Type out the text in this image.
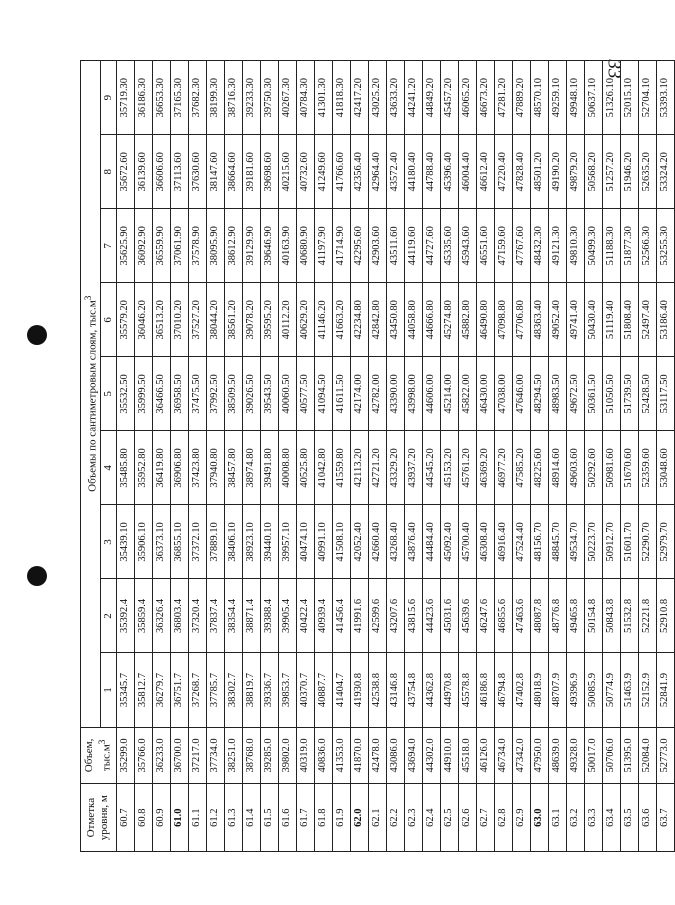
33
Отметка уровня, м	Объем, $тыс.м^3$	Объемы по сантиметровым слоям, $тыс.м^3$
		1	2	3	4	5	6	7	8	9
60.7	35299.0	35345.7	35392.4	35439.10	35485.80	35532.50	35579.20	35625.90	35672.60	35719.30
60.8	35766.0	35812.7	35859.4	35906.10	35952.80	35999.50	36046.20	36092.90	36139.60	36186.30
60.9	36233.0	36279.7	36326.4	36373.10	36419.80	36466.50	36513.20	36559.90	36606.60	36653.30
61.0	36700.0	36751.7	36803.4	36855.10	36906.80	36958.50	37010.20	37061.90	37113.60	37165.30
61.1	37217.0	37268.7	37320.4	37372.10	37423.80	37475.50	37527.20	37578.90	37630.60	37682.30
61.2	37734.0	37785.7	37837.4	37889.10	37940.80	37992.50	38044.20	38095.90	38147.60	38199.30
61.3	38251.0	38302.7	38354.4	38406.10	38457.80	38509.50	38561.20	38612.90	38664.60	38716.30
61.4	38768.0	38819.7	38871.4	38923.10	38974.80	39026.50	39078.20	39129.90	39181.60	39233.30
61.5	39285.0	39336.7	39388.4	39440.10	39491.80	39543.50	39595.20	39646.90	39698.60	39750.30
61.6	39802.0	39853.7	39905.4	39957.10	40008.80	40060.50	40112.20	40163.90	40215.60	40267.30
61.7	40319.0	40370.7	40422.4	40474.10	40525.80	40577.50	40629.20	40680.90	40732.60	40784.30
61.8	40836.0	40887.7	40939.4	40991.10	41042.80	41094.50	41146.20	41197.90	41249.60	41301.30
61.9	41353.0	41404.7	41456.4	41508.10	41559.80	41611.50	41663.20	41714.90	41766.60	41818.30
62.0	41870.0	41930.8	41991.6	42052.40	42113.20	42174.00	42234.80	42295.60	42356.40	42417.20
62.1	42478.0	42538.8	42599.6	42660.40	42721.20	42782.00	42842.80	42903.60	42964.40	43025.20
62.2	43086.0	43146.8	43207.6	43268.40	43329.20	43390.00	43450.80	43511.60	43572.40	43633.20
62.3	43694.0	43754.8	43815.6	43876.40	43937.20	43998.00	44058.80	44119.60	44180.40	44241.20
62.4	44302.0	44362.8	44423.6	44484.40	44545.20	44606.00	44666.80	44727.60	44788.40	44849.20
62.5	44910.0	44970.8	45031.6	45092.40	45153.20	45214.00	45274.80	45335.60	45396.40	45457.20
62.6	45518.0	45578.8	45639.6	45700.40	45761.20	45822.00	45882.80	45943.60	46004.40	46065.20
62.7	46126.0	46186.8	46247.6	46308.40	46369.20	46430.00	46490.80	46551.60	46612.40	46673.20
62.8	46734.0	46794.8	46855.6	46916.40	46977.20	47038.00	47098.80	47159.60	47220.40	47281.20
62.9	47342.0	47402.8	47463.6	47524.40	47585.20	47646.00	47706.80	47767.60	47828.40	47889.20
63.0	47950.0	48018.9	48087.8	48156.70	48225.60	48294.50	48363.40	48432.30	48501.20	48570.10
63.1	48639.0	48707.9	48776.8	48845.70	48914.60	48983.50	49052.40	49121.30	49190.20	49259.10
63.2	49328.0	49396.9	49465.8	49534.70	49603.60	49672.50	49741.40	49810.30	49879.20	49948.10
63.3	50017.0	50085.9	50154.8	50223.70	50292.60	50361.50	50430.40	50499.30	50568.20	50637.10
63.4	50706.0	50774.9	50843.8	50912.70	50981.60	51050.50	51119.40	51188.30	51257.20	51326.10
63.5	51395.0	51463.9	51532.8	51601.70	51670.60	51739.50	51808.40	51877.30	51946.20	52015.10
63.6	52084.0	52152.9	52221.8	52290.70	52359.60	52428.50	52497.40	52566.30	52635.20	52704.10
63.7	52773.0	52841.9	52910.8	52979.70	53048.60	53117.50	53186.40	53255.30	53324.20	53393.10
